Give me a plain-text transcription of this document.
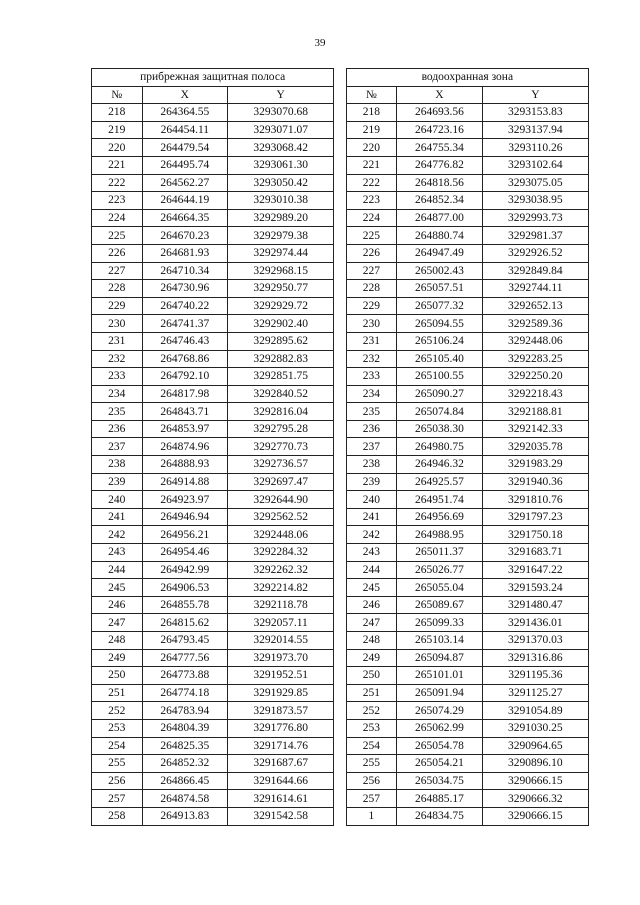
39
прибрежная защитная полоса				водоохранная зона		
№	X	Y		№	X	Y
218	264364.55	3293070.68		218	264693.56	3293153.83
219	264454.11	3293071.07		219	264723.16	3293137.94
220	264479.54	3293068.42		220	264755.34	3293110.26
221	264495.74	3293061.30		221	264776.82	3293102.64
222	264562.27	3293050.42		222	264818.56	3293075.05
223	264644.19	3293010.38		223	264852.34	3293038.95
224	264664.35	3292989.20		224	264877.00	3292993.73
225	264670.23	3292979.38		225	264880.74	3292981.37
226	264681.93	3292974.44		226	264947.49	3292926.52
227	264710.34	3292968.15		227	265002.43	3292849.84
228	264730.96	3292950.77		228	265057.51	3292744.11
229	264740.22	3292929.72		229	265077.32	3292652.13
230	264741.37	3292902.40		230	265094.55	3292589.36
231	264746.43	3292895.62		231	265106.24	3292448.06
232	264768.86	3292882.83		232	265105.40	3292283.25
233	264792.10	3292851.75		233	265100.55	3292250.20
234	264817.98	3292840.52		234	265090.27	3292218.43
235	264843.71	3292816.04		235	265074.84	3292188.81
236	264853.97	3292795.28		236	265038.30	3292142.33
237	264874.96	3292770.73		237	264980.75	3292035.78
238	264888.93	3292736.57		238	264946.32	3291983.29
239	264914.88	3292697.47		239	264925.57	3291940.36
240	264923.97	3292644.90		240	264951.74	3291810.76
241	264946.94	3292562.52		241	264956.69	3291797.23
242	264956.21	3292448.06		242	264988.95	3291750.18
243	264954.46	3292284.32		243	265011.37	3291683.71
244	264942.99	3292262.32		244	265026.77	3291647.22
245	264906.53	3292214.82		245	265055.04	3291593.24
246	264855.78	3292118.78		246	265089.67	3291480.47
247	264815.62	3292057.11		247	265099.33	3291436.01
248	264793.45	3292014.55		248	265103.14	3291370.03
249	264777.56	3291973.70		249	265094.87	3291316.86
250	264773.88	3291952.51		250	265101.01	3291195.36
251	264774.18	3291929.85		251	265091.94	3291125.27
252	264783.94	3291873.57		252	265074.29	3291054.89
253	264804.39	3291776.80		253	265062.99	3291030.25
254	264825.35	3291714.76		254	265054.78	3290964.65
255	264852.32	3291687.67		255	265054.21	3290896.10
256	264866.45	3291644.66		256	265034.75	3290666.15
257	264874.58	3291614.61		257	264885.17	3290666.32
258	264913.83	3291542.58		1	264834.75	3290666.15
